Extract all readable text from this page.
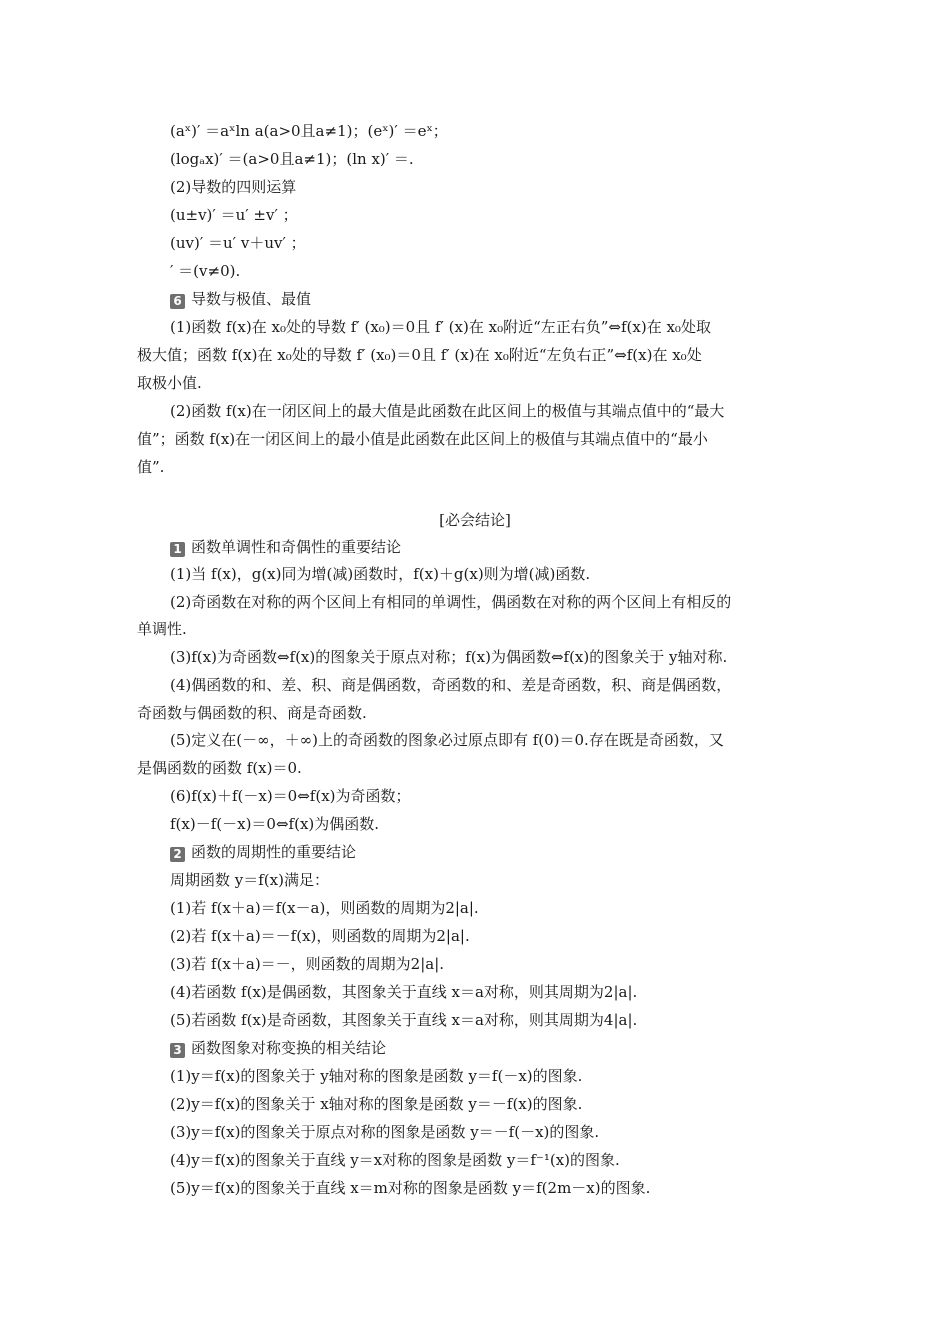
(aˣ)′ ＝aˣln a(a>0且a≠1)；(eˣ)′ ＝eˣ；
(logₐx)′ ＝(a>0且a≠1)；(ln x)′ ＝.
(2)导数的四则运算
(u±v)′ ＝u′ ±v′ ；
(uv)′ ＝u′ v＋uv′ ；
′ ＝(v≠0).
6 导数与极值、最值
(1)函数 f(x)在 x₀处的导数 f′ (x₀)＝0且 f′ (x)在 x₀附近“左正右负”⇔f(x)在 x₀处取
极大值；函数 f(x)在 x₀处的导数 f′ (x₀)＝0且 f′ (x)在 x₀附近“左负右正”⇔f(x)在 x₀处
取极小值.
(2)函数 f(x)在一闭区间上的最大值是此函数在此区间上的极值与其端点值中的“最大
值”；函数 f(x)在一闭区间上的最小值是此函数在此区间上的极值与其端点值中的“最小
值”.
[必会结论]
1 函数单调性和奇偶性的重要结论
(1)当 f(x)，g(x)同为增(减)函数时，f(x)＋g(x)则为增(减)函数.
(2)奇函数在对称的两个区间上有相同的单调性，偶函数在对称的两个区间上有相反的
单调性.
(3)f(x)为奇函数⇔f(x)的图象关于原点对称；f(x)为偶函数⇔f(x)的图象关于 y轴对称.
(4)偶函数的和、差、积、商是偶函数，奇函数的和、差是奇函数，积、商是偶函数，
奇函数与偶函数的积、商是奇函数.
(5)定义在(－∞，＋∞)上的奇函数的图象必过原点即有 f(0)＝0.存在既是奇函数，又
是偶函数的函数 f(x)＝0.
(6)f(x)＋f(－x)＝0⇔f(x)为奇函数；
f(x)－f(－x)＝0⇔f(x)为偶函数.
2 函数的周期性的重要结论
周期函数 y＝f(x)满足：
(1)若 f(x＋a)＝f(x－a)，则函数的周期为2|a|.
(2)若 f(x＋a)＝－f(x)，则函数的周期为2|a|.
(3)若 f(x＋a)＝－，则函数的周期为2|a|.
(4)若函数 f(x)是偶函数，其图象关于直线 x＝a对称，则其周期为2|a|.
(5)若函数 f(x)是奇函数，其图象关于直线 x＝a对称，则其周期为4|a|.
3 函数图象对称变换的相关结论
(1)y＝f(x)的图象关于 y轴对称的图象是函数 y＝f(－x)的图象.
(2)y＝f(x)的图象关于 x轴对称的图象是函数 y＝－f(x)的图象.
(3)y＝f(x)的图象关于原点对称的图象是函数 y＝－f(－x)的图象.
(4)y＝f(x)的图象关于直线 y＝x对称的图象是函数 y＝f⁻¹(x)的图象.
(5)y＝f(x)的图象关于直线 x＝m对称的图象是函数 y＝f(2m－x)的图象.
